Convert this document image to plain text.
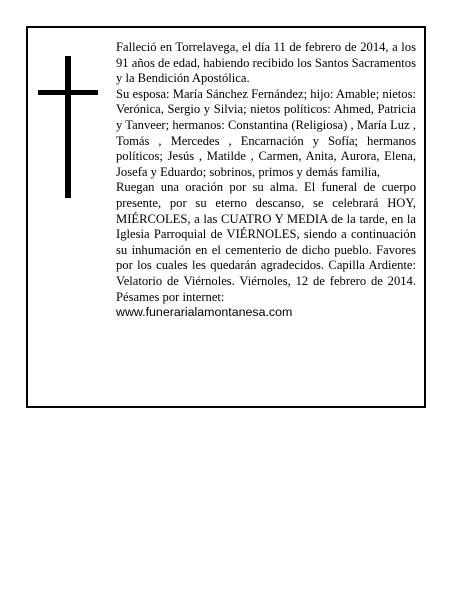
Falleció en Torrelavega, el día 11 de febrero de 2014, a los 91 años de edad, habiendo recibido los Santos Sacramentos y la Bendición Apostólica.

Su esposa: María Sánchez Fernández; hijo: Amable; nietos: Verónica, Sergio y Silvia; nietos políticos: Ahmed, Patricia y Tanveer; hermanos: Constantina (Religiosa) , María Luz , Tomás , Mercedes , Encarnación y Sofía; hermanos políticos; Jesús , Matilde , Carmen, Anita, Aurora, Elena, Josefa y Eduardo; sobrinos, primos y demás familia,

Ruegan una oración por su alma. El funeral de cuerpo presente, por su eterno descanso, se celebrará HOY, MIÉRCOLES, a las CUATRO Y MEDIA de la tarde, en la Iglesia Parroquial de VIÉRNOLES, siendo a continuación su inhumación en el cementerio de dicho pueblo. Favores por los cuales les quedarán agradecidos. Capilla Ardiente: Velatorio de Viérnoles. Viérnoles, 12 de febrero de 2014. Pésames por internet:

www.funerarialamontanesa.com
